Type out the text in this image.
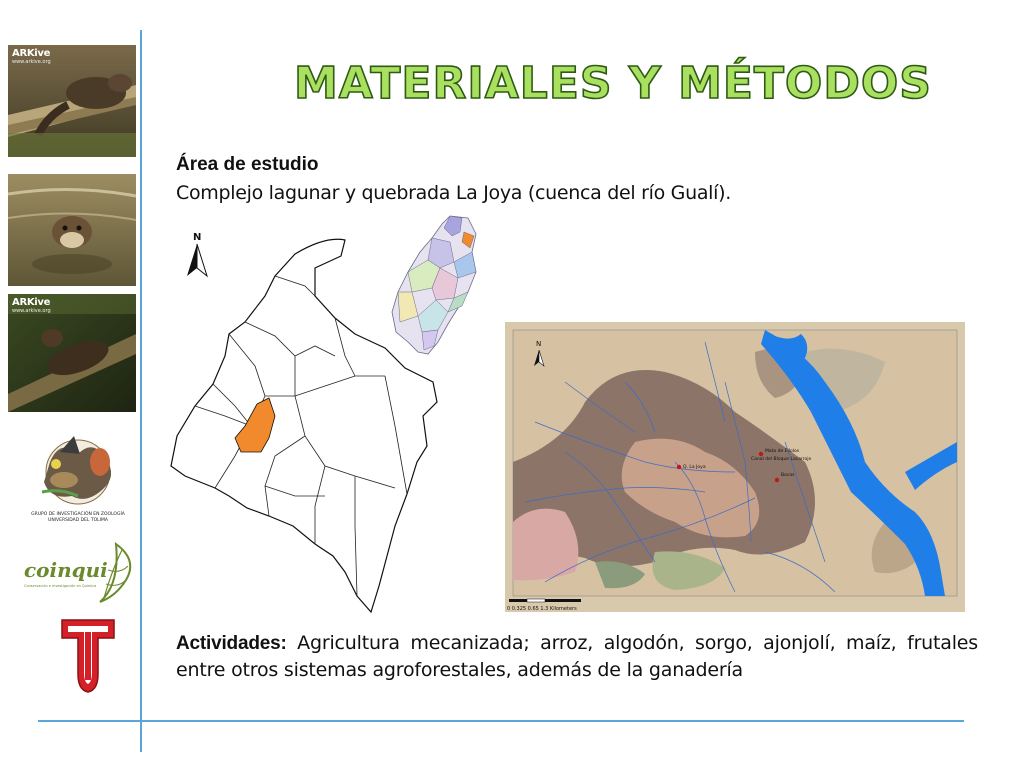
ARKive
www.arkive.org
ARKive
www.arkive.org
GRUPO DE INVESTIGACIÓN EN ZOOLOGÍA
UNIVERSIDAD DEL TOLIMA
coinqui
Conservación e Investigación en Química
MATERIALES Y MÉTODOS
Área de estudio
Complejo lagunar y quebrada La Joya (cuenca del río Gualí).
N
N
Q. La Joya
Mata de Ellolos
Canal del Bloque Lacarroje
Bocas
0 0.325 0.65 1.3 Kilometers
Actividades: Agricultura mecanizada; arroz, algodón, sorgo, ajonjolí, maíz, frutales entre otros sistemas agroforestales, además de la ganadería
